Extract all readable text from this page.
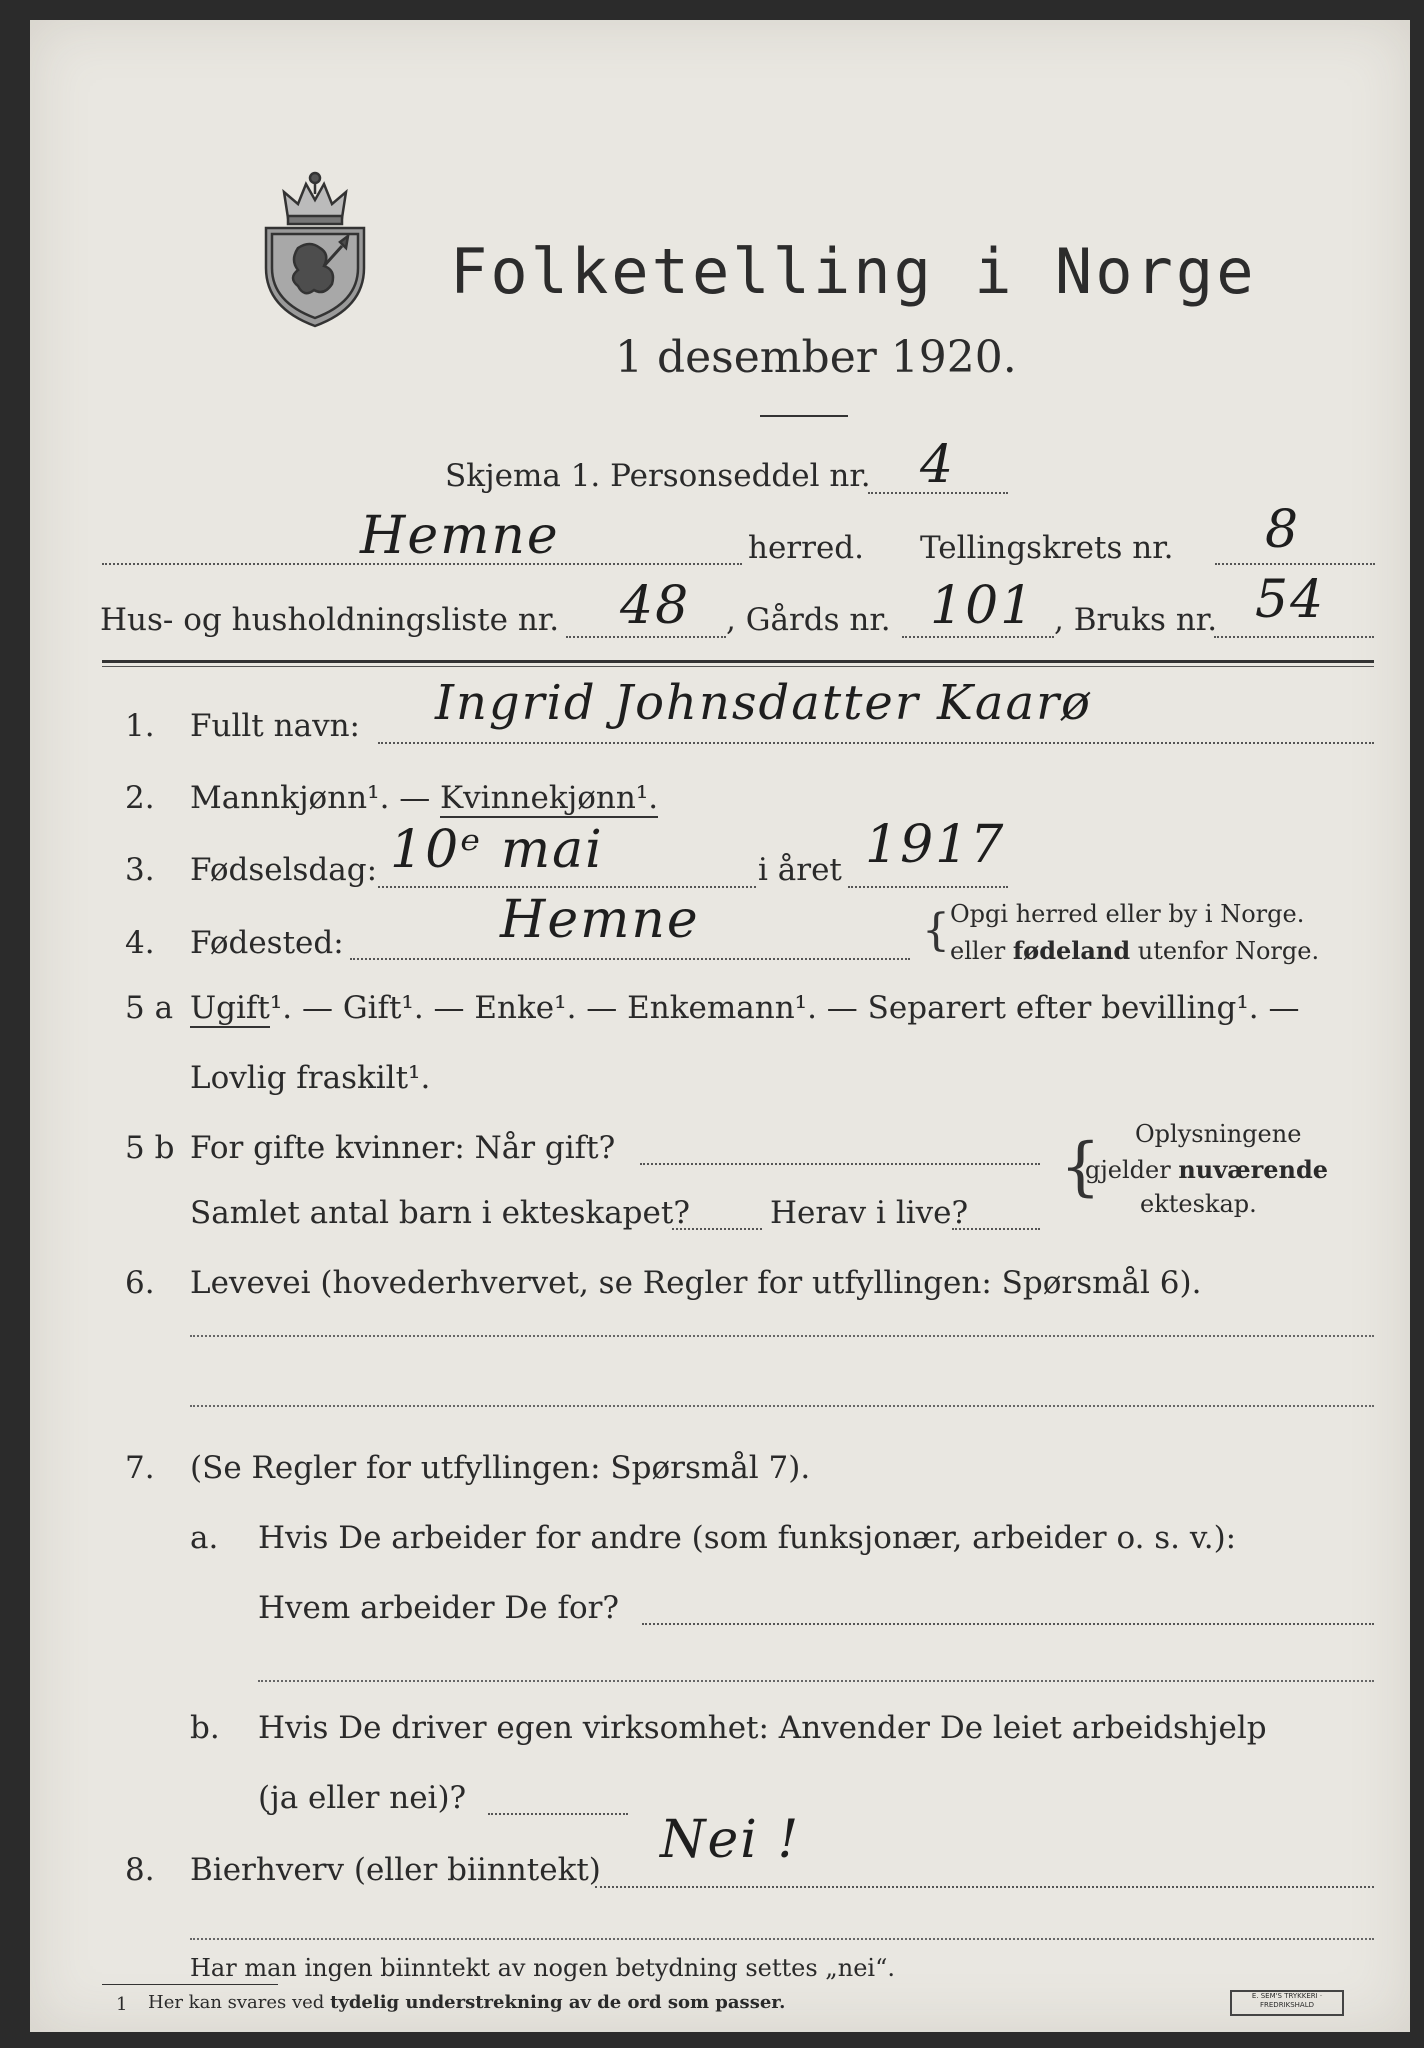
Folketelling i Norge
1 desember 1920.
Skjema 1. Personseddel nr. 4
Hemne	herred. Tellingskrets nr. 8
Hus- og husholdningsliste nr. 48 , Gårds nr. 101 , Bruks nr. 54
1. Fullt navn: Ingrid Johnsdatter Kaarø
2. Mannkjønn¹. — Kvinnekjønn¹.
3. Fødselsdag: 10ᵉ mai	i året 1917
4. Fødested:	Hemne	{ Opgi herred eller by i Norge.
eller fødeland utenfor Norge.
5 a Ugift¹. — Gift¹. — Enke¹. — Enkemann¹. — Separert efter bevilling¹. —
Lovlig fraskilt¹.
5 b For gifte kvinner: Når gift?
Samlet antal barn i ekteskapet?	Herav i live?
{ Oplysningene
gjelder nuværende
ekteskap.
6. Levevei (hovederhvervet, se Regler for utfyllingen: Spørsmål 6).
7. (Se Regler for utfyllingen: Spørsmål 7).
a. Hvis De arbeider for andre (som funksjonær, arbeider o. s. v.):
Hvem arbeider De for?
b. Hvis De driver egen virksomhet: Anvender De leiet arbeidshjelp
(ja eller nei)?
8. Bierhverv (eller biinntekt) Nei !
Har man ingen biinntekt av nogen betydning settes „nei“.
1 Her kan svares ved tydelig understrekning av de ord som passer.	E. SEM'S TRYKKERI · FREDRIKSHALD
